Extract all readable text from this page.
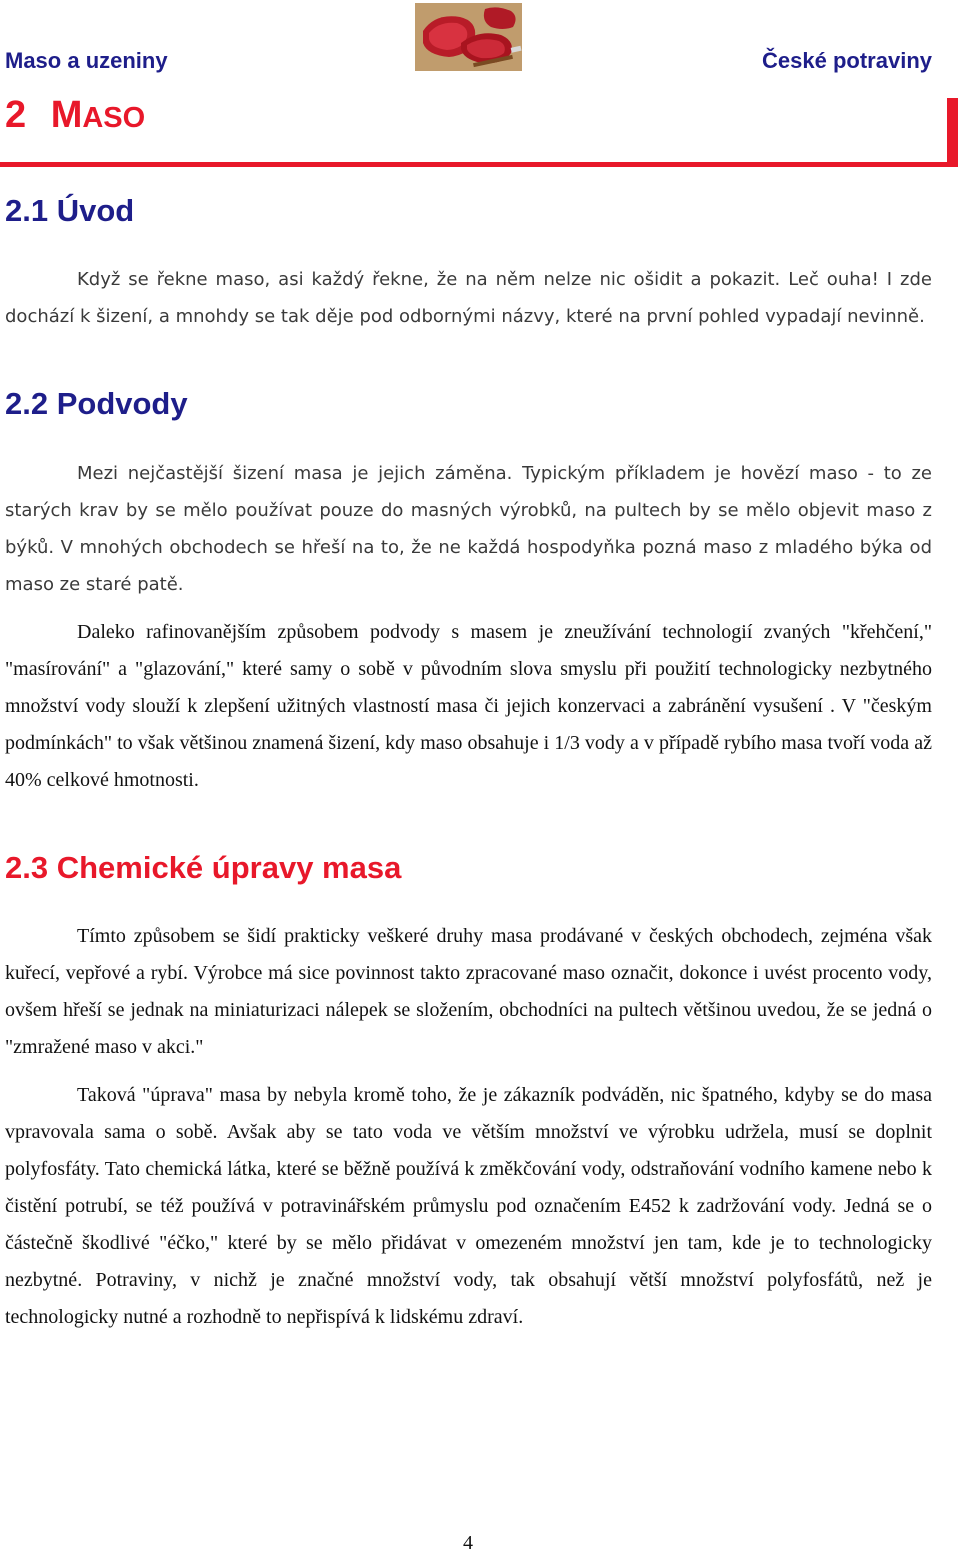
Maso a uzeniny	České potraviny
2 MASO
2.1 Úvod

Když se řekne maso, asi každý řekne, že na něm nelze nic ošidit a pokazit. Leč ouha! I zde dochází k šizení, a mnohdy se tak děje pod odbornými názvy, které na první pohled vypadají nevinně.

2.2 Podvody

Mezi nejčastější šizení masa je jejich záměna. Typickým příkladem je hovězí maso - to ze starých krav by se mělo používat pouze do masných výrobků, na pultech by se mělo objevit maso z býků. V mnohých obchodech se hřeší na to, že ne každá hospodyňka pozná maso z mladého býka od maso ze staré patě.

Daleko rafinovanějším způsobem podvody s masem je zneužívání technologií zvaných "křehčení," "masírování" a "glazování," které samy o sobě v původním slova smyslu při použití technologicky nezbytného množství vody slouží k zlepšení užitných vlastností masa či jejich konzervaci a zabránění vysušení . V "českým podmínkách" to však většinou znamená šizení, kdy maso obsahuje i 1/3 vody a v případě rybího masa tvoří voda až 40% celkové hmotnosti.

2.3 Chemické úpravy masa

Tímto způsobem se šidí prakticky veškeré druhy masa prodávané v českých obchodech, zejména však kuřecí, vepřové a rybí. Výrobce má sice povinnost takto zpracované maso označit, dokonce i uvést procento vody, ovšem hřeší se jednak na miniaturizaci nálepek se složením, obchodníci na pultech většinou uvedou, že se jedná o "zmražené maso v akci."

Taková "úprava" masa by nebyla kromě toho, že je zákazník podváděn, nic špatného, kdyby se do masa vpravovala sama o sobě. Avšak aby se tato voda ve větším množství ve výrobku udržela, musí se doplnit polyfosfáty. Tato chemická látka, které se běžně používá k změkčování vody, odstraňování vodního kamene nebo k čistění potrubí, se též používá v potravinářském průmyslu pod označením E452 k zadržování vody. Jedná se o částečně škodlivé "éčko," které by se mělo přidávat v omezeném množství jen tam, kde je to technologicky nezbytné. Potraviny, v nichž je značné množství vody, tak obsahují větší množství polyfosfátů, než je technologicky nutné a rozhodně to nepřispívá k lidskému zdraví.

4
